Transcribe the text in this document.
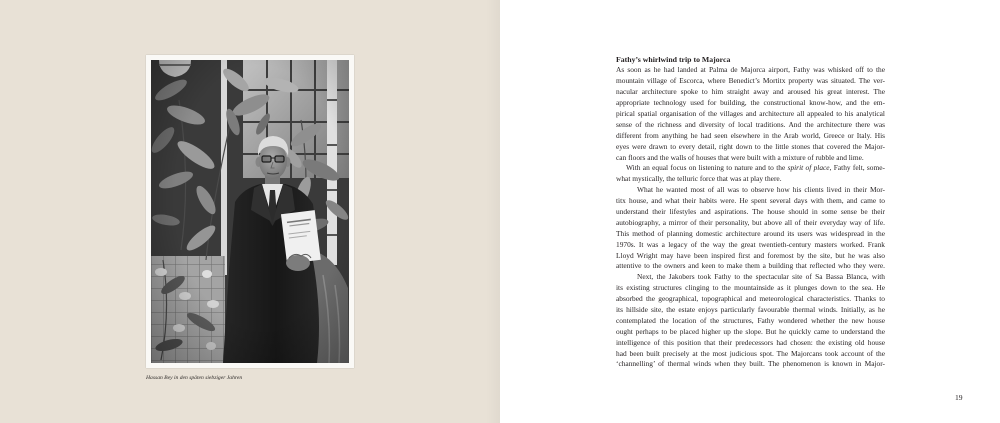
Hassan Bey in den späten siebziger Jahren
Fathy’s whirlwind trip to Majorca
As soon as he had landed at Palma de Majorca airport, Fathy was whisked off to the
mountain village of Escorca, where Benedict’s Mortitx property was situated. The ver-
nacular architecture spoke to him straight away and aroused his great interest. The
appropriate technology used for building, the constructional know-how, and the em-
pirical spatial organisation of the villages and architecture all appealed to his analytical
sense of the richness and diversity of local traditions. And the architecture there was
different from anything he had seen elsewhere in the Arab world, Greece or Italy. His
eyes were drawn to every detail, right down to the little stones that covered the Major-
can floors and the walls of houses that were built with a mixture of rubble and lime.
With an equal focus on listening to nature and to the spirit of place, Fathy felt, some-
what mystically, the telluric force that was at play there.
What he wanted most of all was to observe how his clients lived in their Mor-
titx house, and what their habits were. He spent several days with them, and came to
understand their lifestyles and aspirations. The house should in some sense be their
autobiography, a mirror of their personality, but above all of their everyday way of life.
This method of planning domestic architecture around its users was widespread in the
1970s. It was a legacy of the way the great twentieth-century masters worked. Frank
Lloyd Wright may have been inspired first and foremost by the site, but he was also
attentive to the owners and keen to make them a building that reflected who they were.
Next, the Jakobers took Fathy to the spectacular site of Sa Bassa Blanca, with
its existing structures clinging to the mountainside as it plunges down to the sea. He
absorbed the geographical, topographical and meteorological characteristics. Thanks to
its hillside site, the estate enjoys particularly favourable thermal winds. Initially, as he
contemplated the location of the structures, Fathy wondered whether the new house
ought perhaps to be placed higher up the slope. But he quickly came to understand the
intelligence of this position that their predecessors had chosen: the existing old house
had been built precisely at the most judicious spot. The Majorcans took account of the
‘channelling’ of thermal winds when they built. The phenomenon is known in Major-
19
